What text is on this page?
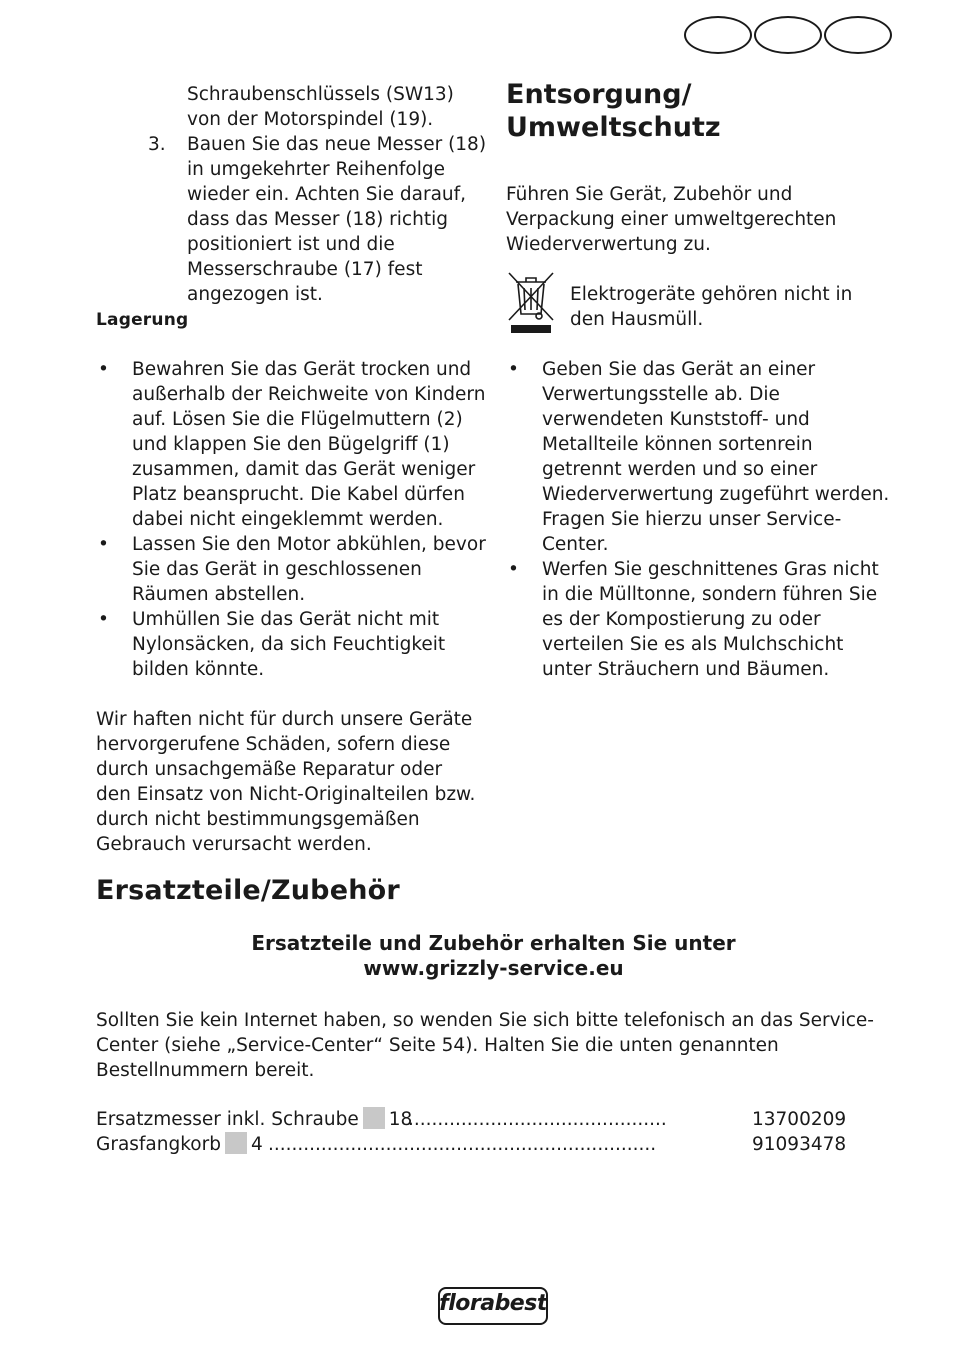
Schraubenschlüssels (SW13) von der Motorspindel (19).

3. Bauen Sie das neue Messer (18) in umgekehrter Reihenfolge wieder ein. Achten Sie darauf, dass das Messer (18) richtig positioniert ist und die Messerschraube (17) fest angezogen ist.

Lagerung
• Bewahren Sie das Gerät trocken und außerhalb der Reichweite von Kindern auf. Lösen Sie die Flügelmuttern (2) und klappen Sie den Bügelgriff (1) zusammen, damit das Gerät weniger Platz beansprucht. Die Kabel dürfen dabei nicht eingeklemmt werden.
• Lassen Sie den Motor abkühlen, bevor Sie das Gerät in geschlossenen Räumen abstellen.
• Umhüllen Sie das Gerät nicht mit Nylonsäcken, da sich Feuchtigkeit bilden könnte.

Wir haften nicht für durch unsere Geräte hervorgerufene Schäden, sofern diese durch unsachgemäße Reparatur oder den Einsatz von Nicht-Originalteilen bzw. durch nicht bestimmungsgemäßen Gebrauch verursacht werden.

Entsorgung/
Umweltschutz

Führen Sie Gerät, Zubehör und Verpackung einer umweltgerechten Wiederverwertung zu.

Elektrogeräte gehören nicht in den Hausmüll.

• Geben Sie das Gerät an einer Verwertungsstelle ab. Die verwendeten Kunststoff- und Metallteile können sortenrein getrennt werden und so einer Wiederverwertung zugeführt werden. Fragen Sie hierzu unser Service-Center.
• Werfen Sie geschnittenes Gras nicht in die Mülltonne, sondern führen Sie es der Kompostierung zu oder verteilen Sie es als Mulchschicht unter Sträuchern und Bäumen.
Ersatzteile/Zubehör
Ersatzteile und Zubehör erhalten Sie unter
www.grizzly-service.eu

Sollten Sie kein Internet haben, so wenden Sie sich bitte telefonisch an das Service-Center (siehe „Service-Center“ Seite 54). Halten Sie die unten genannten Bestellnummern bereit.

Ersatzmesser inkl. Schraube 18
............................................	13700209
Grasfangkorb 4 ..................................................................	91093478
florabest
